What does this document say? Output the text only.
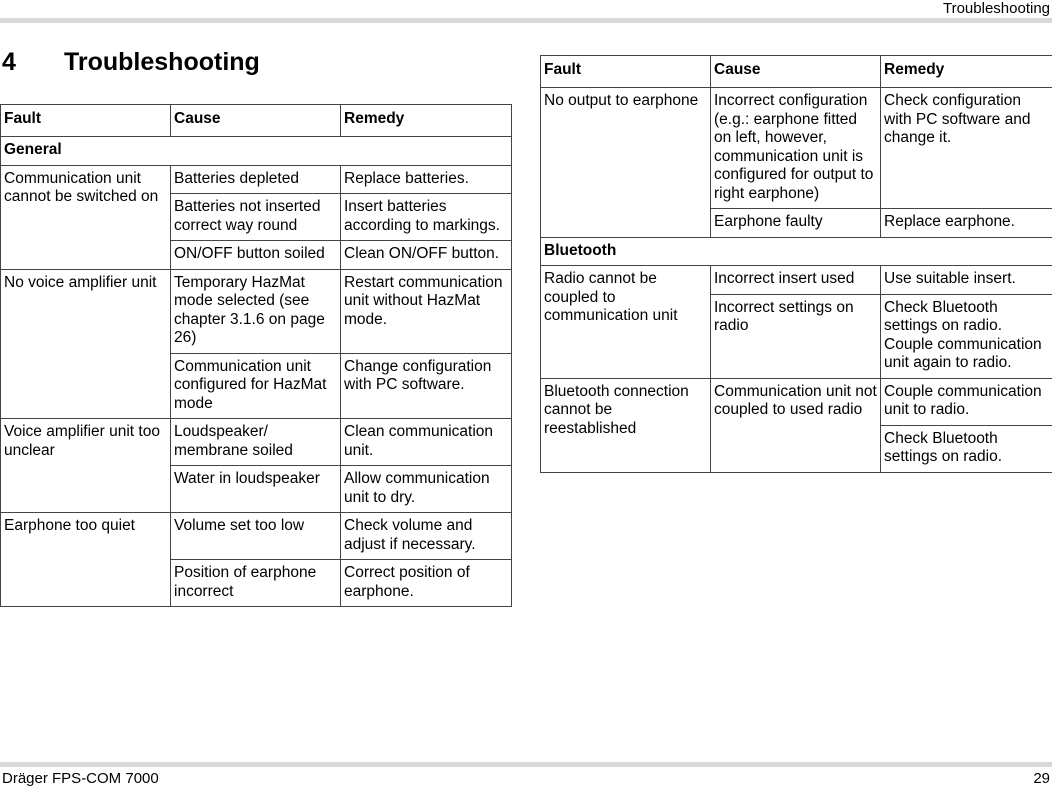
Troubleshooting
4 Troubleshooting
Fault	Cause	Remedy
General		
Communication unit cannot be switched on	Batteries depleted	Replace batteries.
	Batteries not inserted correct way round	Insert batteries according to markings.
	ON/OFF button soiled	Clean ON/OFF button.
No voice amplifier unit	Temporary HazMat mode selected (see chapter 3.1.6 on page 26)	Restart communication unit without HazMat mode.
	Communication unit configured for HazMat mode	Change configuration with PC software.
Voice amplifier unit too unclear	Loudspeaker/ membrane soiled	Clean communication unit.
	Water in loudspeaker	Allow communication unit to dry.
Earphone too quiet	Volume set too low	Check volume and adjust if necessary.
	Position of earphone incorrect	Correct position of earphone.
Fault	Cause	Remedy
No output to earphone	Incorrect configuration (e.g.: earphone fitted on left, however, communication unit is configured for output to right earphone)	Check configuration with PC software and change it.
	Earphone faulty	Replace earphone.
Bluetooth		
Radio cannot be coupled to communication unit	Incorrect insert used	Use suitable insert.
	Incorrect settings on radio	Check Bluetooth settings on radio. Couple communication unit again to radio.
Bluetooth connection cannot be reestablished	Communication unit not coupled to used radio	Couple communication unit to radio.
		Check Bluetooth settings on radio.
Dräger FPS-COM 7000	29
